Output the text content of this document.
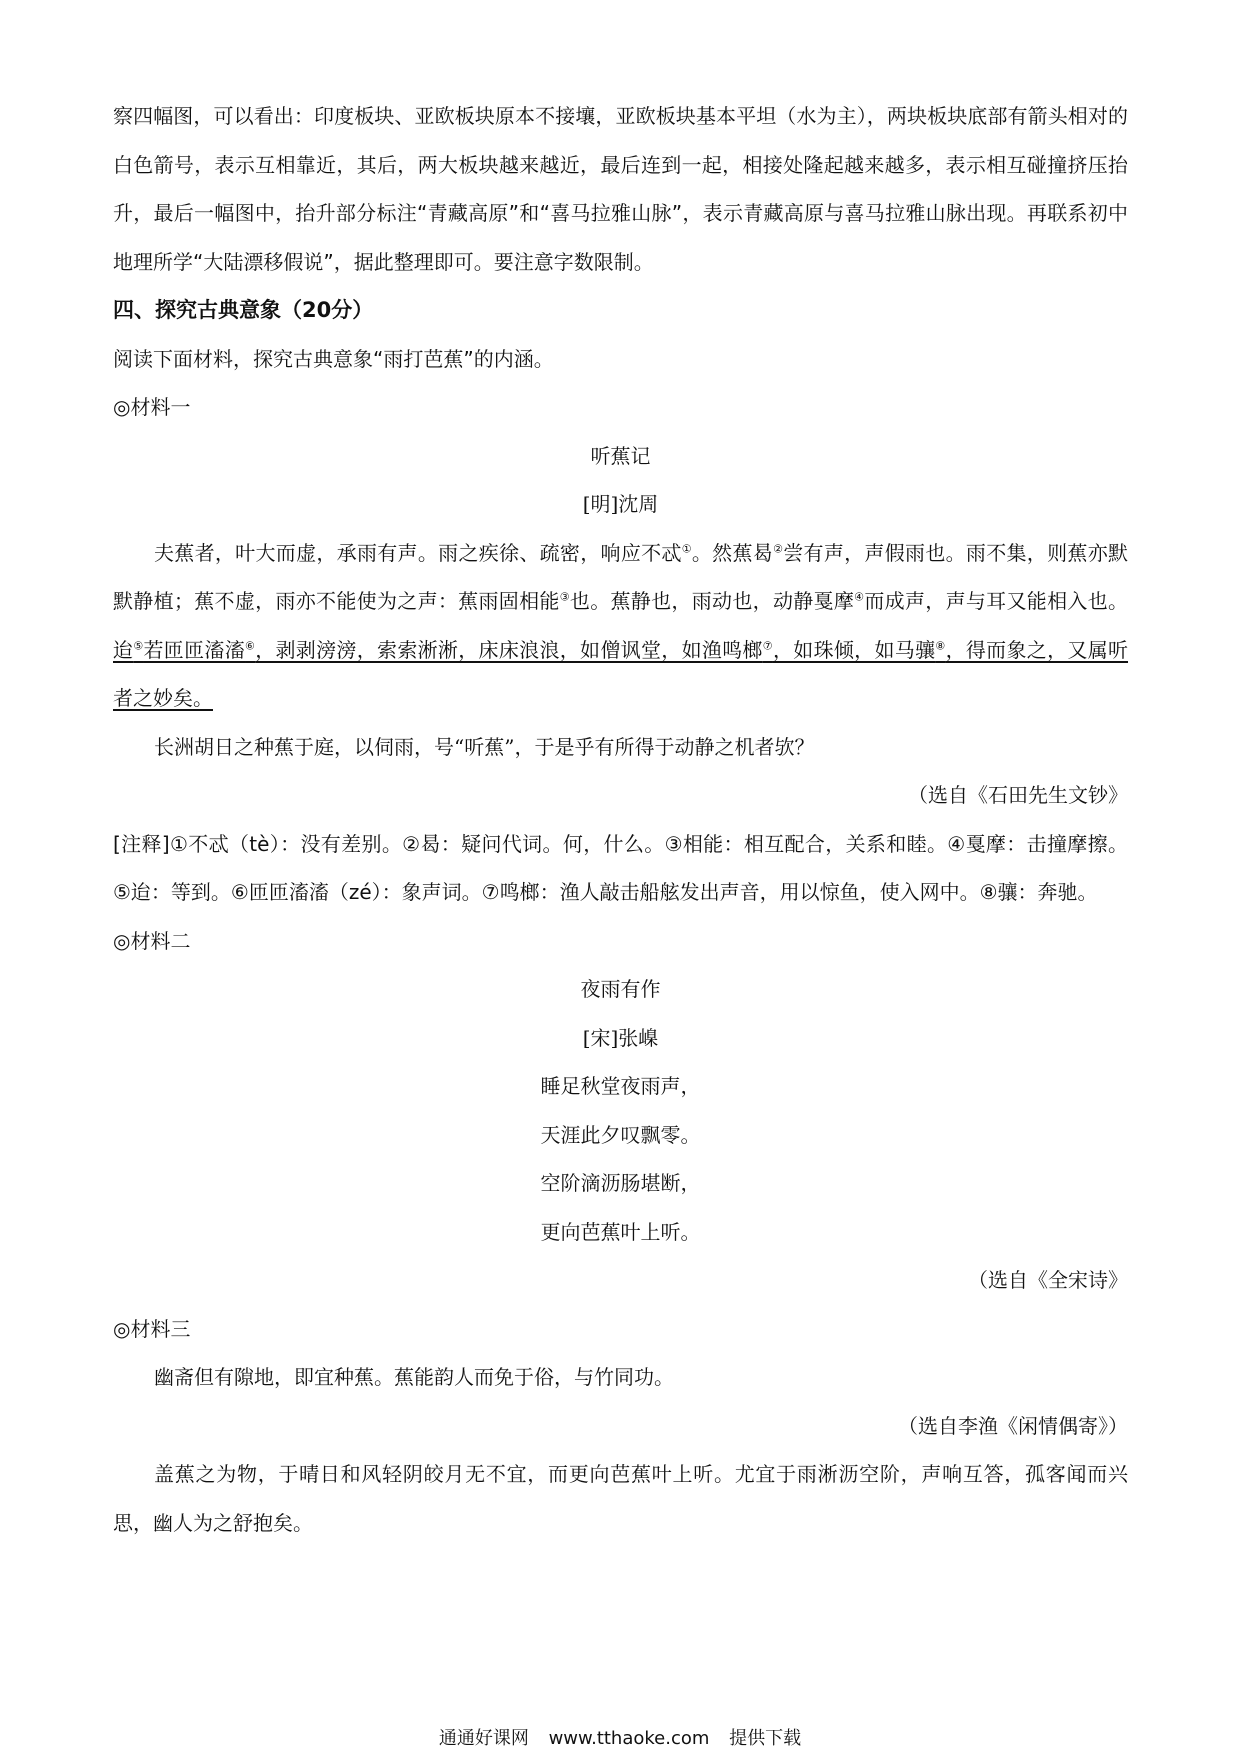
察四幅图，可以看出：印度板块、亚欧板块原本不接壤，亚欧板块基本平坦（水为主），两块板块底部有箭头相对的白色箭号，表示互相靠近，其后，两大板块越来越近，最后连到一起，相接处隆起越来越多，表示相互碰撞挤压抬升，最后一幅图中，抬升部分标注“青藏高原”和“喜马拉雅山脉”，表示青藏高原与喜马拉雅山脉出现。再联系初中地理所学“大陆漂移假说”，据此整理即可。要注意字数限制。

四、探究古典意象（20分）

阅读下面材料，探究古典意象“雨打芭蕉”的内涵。

◎材料一

听蕉记

[明]沈周

夫蕉者，叶大而虚，承雨有声。雨之疾徐、疏密，响应不忒①。然蕉曷②尝有声，声假雨也。雨不集，则蕉亦默默静植；蕉不虚，雨亦不能使为之声：蕉雨固相能③也。蕉静也，雨动也，动静戛摩④而成声，声与耳又能相入也。迨⑤若匝匝滀滀⑥，剥剥滂滂，索索淅淅，床床浪浪，如僧讽堂，如渔鸣榔⑦，如珠倾，如马骧⑧，得而象之，又属听者之妙矣。

长洲胡日之种蕉于庭，以伺雨，号“听蕉”，于是乎有所得于动静之机者欤？

（选自《石田先生文钞》

[注释]①不忒（tè）：没有差别。②曷：疑问代词。何，什么。③相能：相互配合，关系和睦。④戛摩：击撞摩擦。⑤迨：等到。⑥匝匝滀滀（zé）：象声词。⑦鸣榔：渔人敲击船舷发出声音，用以惊鱼，使入网中。⑧骧：奔驰。

◎材料二

夜雨有作

[宋]张嵲

睡足秋堂夜雨声，

天涯此夕叹飘零。

空阶滴沥肠堪断，

更向芭蕉叶上听。

（选自《全宋诗》

◎材料三

幽斋但有隙地，即宜种蕉。蕉能韵人而免于俗，与竹同功。

（选自李渔《闲情偶寄》）

盖蕉之为物，于晴日和风轻阴皎月无不宜，而更向芭蕉叶上听。尤宜于雨淅沥空阶，声响互答，孤客闻而兴思，幽人为之舒抱矣。

通通好课网 www.tthaoke.com 提供下载
